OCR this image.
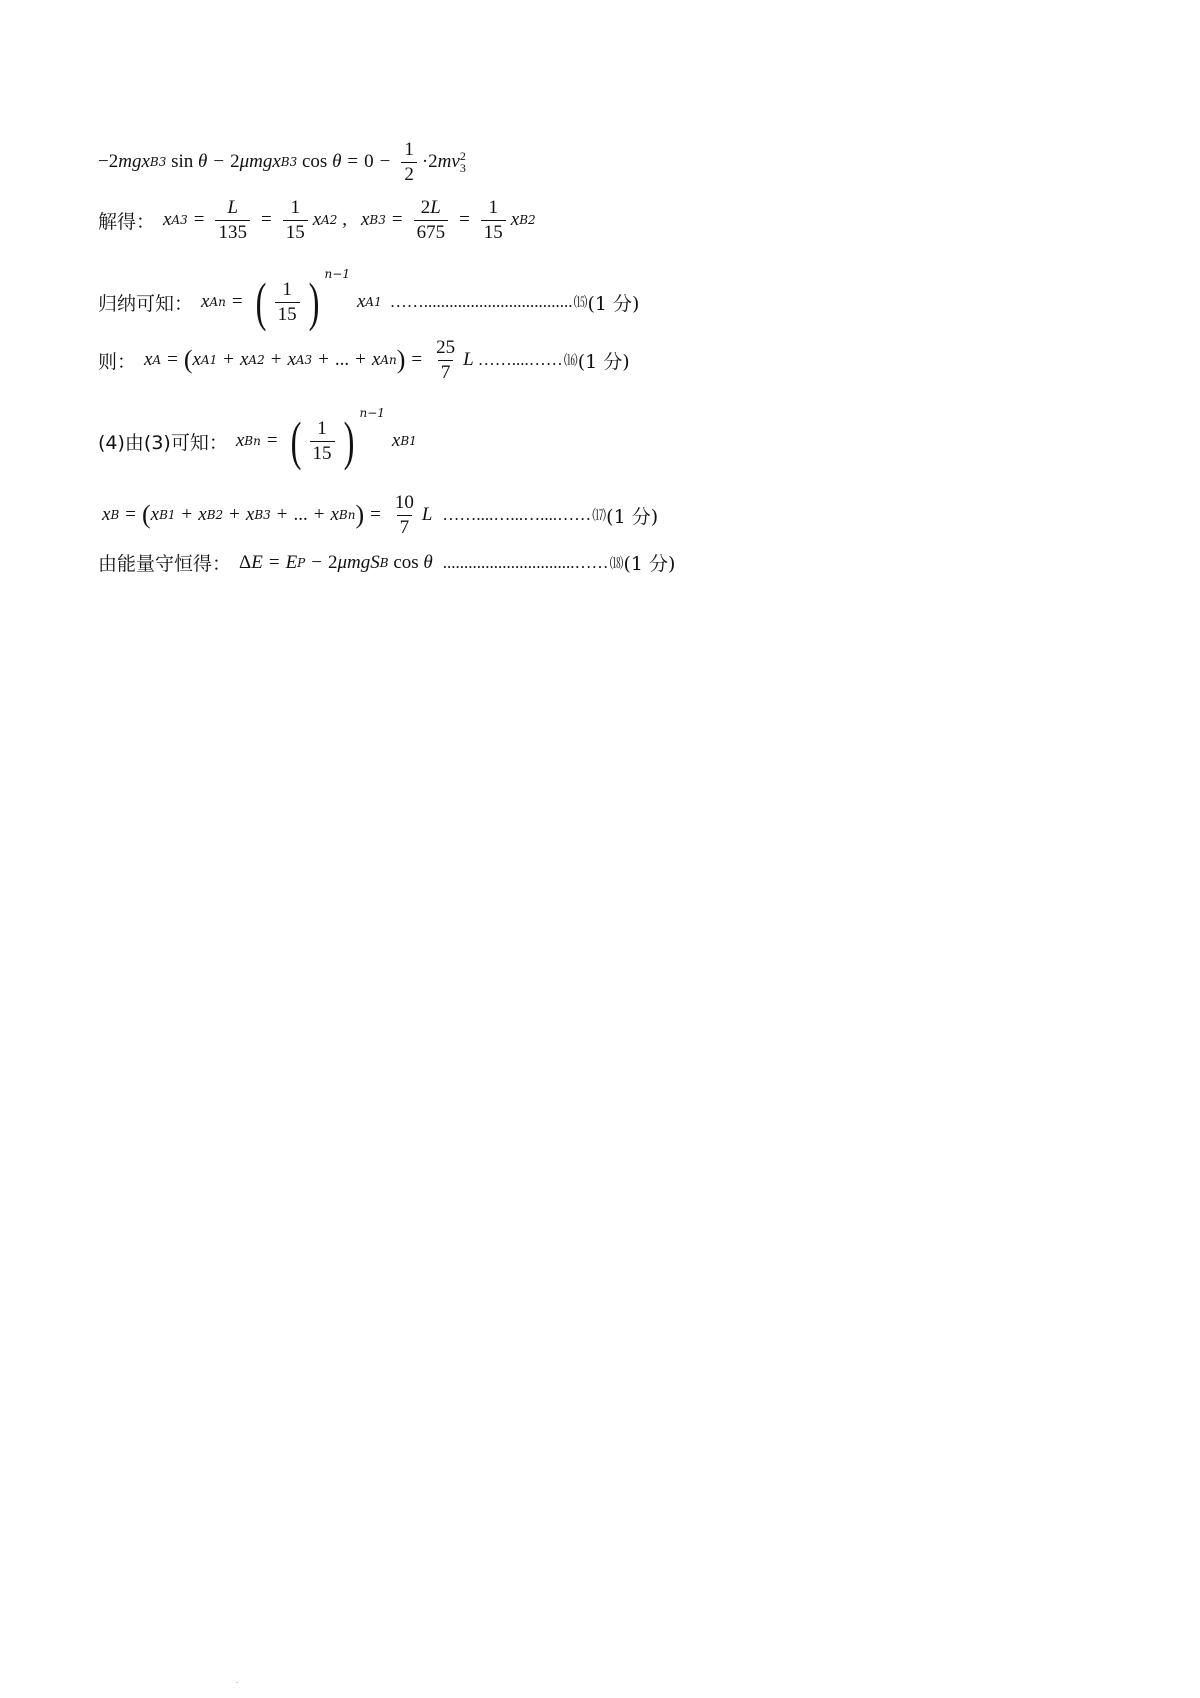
−2 mgx B3 sin θ − 2 μmgx B3 $\cos \theta = 0 - \frac{1}{2} \cdot 2$ mv 2
3
解得： x $A3 = \frac{L}{135} = \frac{1}{15}$ x A2 , x $B3 = \frac{2L}{675} = \frac{1}{15}$ x B2
归纳可知： x An = ( $\frac{1}{15}$ ) n−1
x A1 ……................................... ⒂ (1 分)
则： x A = ( x A1 + x A2 + x A3 + ... + x An ) = $\frac{25}{7}$ L ……....…… ⒃ (1 分)
(4)由(3)可知： x Bn = ( $\frac{1}{15}$ ) n−1
x B1
x B = ( x B1 + x B2 + x B3 + ... + x Bn ) = $\frac{10}{7}$ L ……....…...…....…… ⒄ (1 分)
由能量守恒得： Δ E = E P − 2 μmgS B cos θ ...............................…… ⒅ (1 分)
